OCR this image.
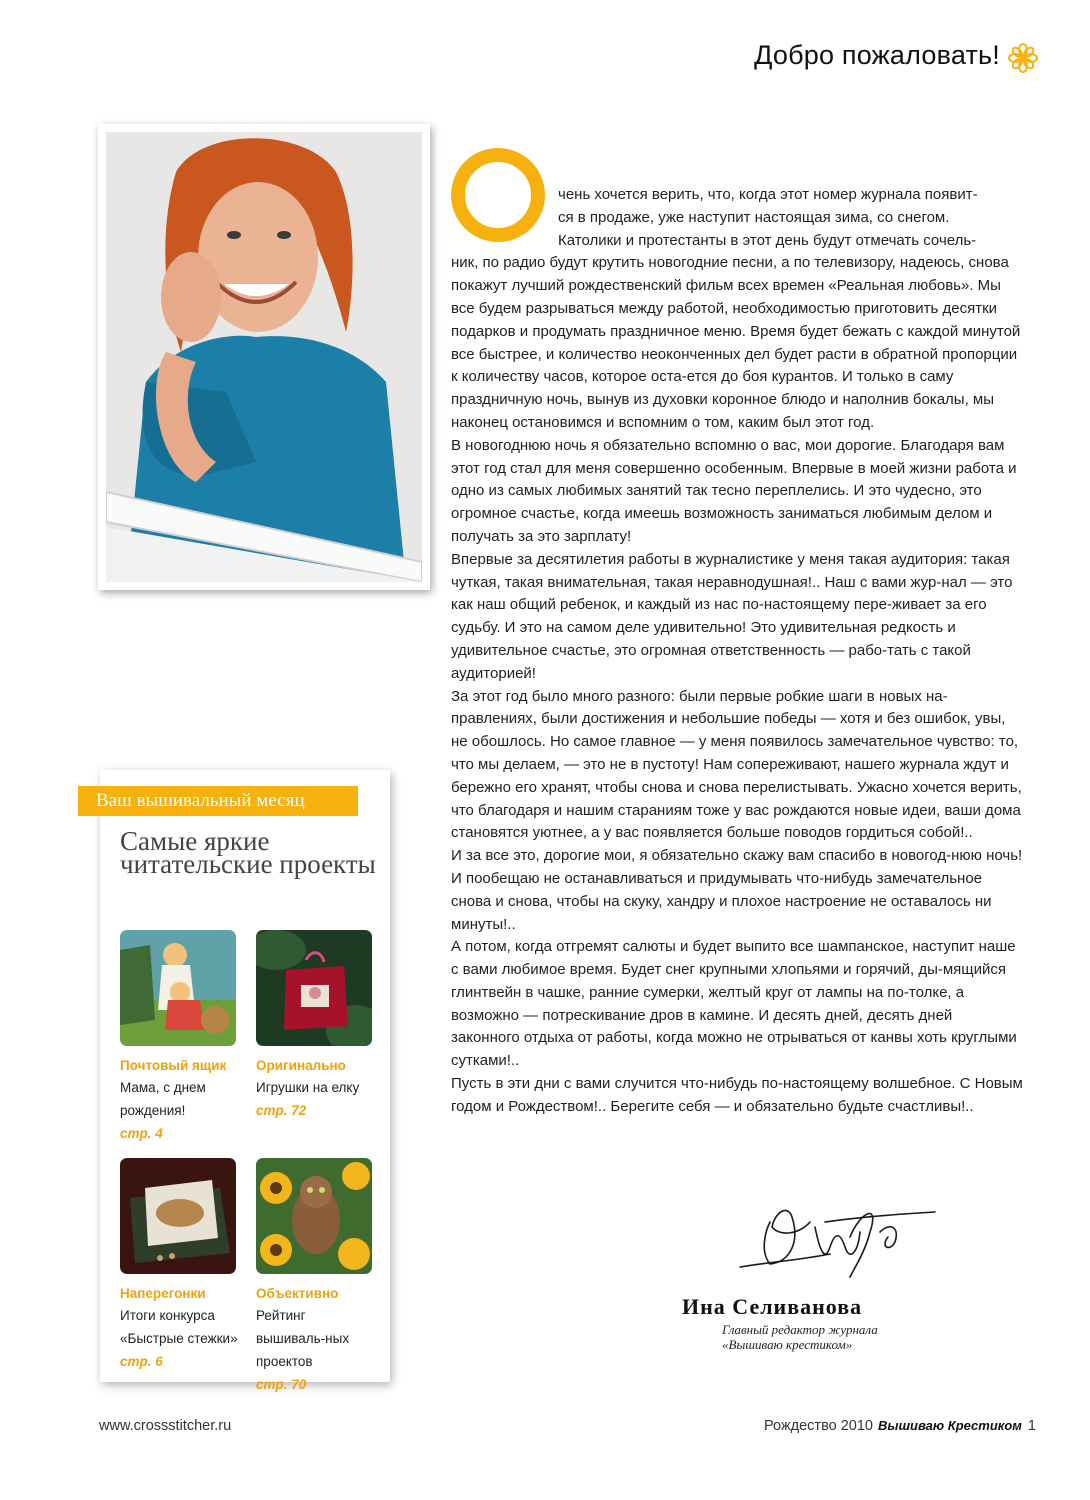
Добро пожаловать!
О	чень хочется верить, что, когда этот номер журнала появит-
ся в продаже, уже наступит настоящая зима, со снегом.
Католики и протестанты в этот день будут отмечать сочель-

ник, по радио будут крутить новогодние песни, а по телевизору, надеюсь, снова покажут лучший рождественский фильм всех времен «Реальная любовь». Мы все будем разрываться между работой, необходимостью приготовить десятки подарков и продумать праздничное меню. Время будет бежать с каждой минутой все быстрее, и количество неоконченных дел будет расти в обратной пропорции к количеству часов, которое оста-ется до боя курантов. И только в саму праздничную ночь, вынув из духовки коронное блюдо и наполнив бокалы, мы наконец остановимся и вспомним о том, каким был этот год.

В новогоднюю ночь я обязательно вспомню о вас, мои дорогие. Благодаря вам этот год стал для меня совершенно особенным. Впервые в моей жизни работа и одно из самых любимых занятий так тесно переплелись. И это чудесно, это огромное счастье, когда имеешь возможность заниматься любимым делом и получать за это зарплату!

Впервые за десятилетия работы в журналистике у меня такая аудитория: такая чуткая, такая внимательная, такая неравнодушная!.. Наш с вами жур-нал — это как наш общий ребенок, и каждый из нас по-настоящему пере-живает за его судьбу. И это на самом деле удивительно! Это удивительная редкость и удивительное счастье, это огромная ответственность — рабо-тать с такой аудиторией!

За этот год было много разного: были первые робкие шаги в новых на-правлениях, были достижения и небольшие победы — хотя и без ошибок, увы, не обошлось. Но самое главное — у меня появилось замечательное чувство: то, что мы делаем, — это не в пустоту! Нам сопереживают, нашего журнала ждут и бережно его хранят, чтобы снова и снова перелистывать. Ужасно хочется верить, что благодаря и нашим стараниям тоже у вас рождаются новые идеи, ваши дома становятся уютнее, а у вас появляется больше поводов гордиться собой!..

И за все это, дорогие мои, я обязательно скажу вам спасибо в новогод-нюю ночь! И пообещаю не останавливаться и придумывать что-нибудь замечательное снова и снова, чтобы на скуку, хандру и плохое настроение не оставалось ни минуты!..

А потом, когда отгремят салюты и будет выпито все шампанское, наступит наше с вами любимое время. Будет снег крупными хлопьями и горячий, ды-мящийся глинтвейн в чашке, ранние сумерки, желтый круг от лампы на по-толке, а возможно — потрескивание дров в камине. И десять дней, десять дней законного отдыха от работы, когда можно не отрываться от канвы хоть круглыми сутками!..

Пусть в эти дни с вами случится что-нибудь по-настоящему волшебное. С Новым годом и Рождеством!.. Берегите себя — и обязательно будьте счастливы!..

Ина Селиванова
Главный редактор журнала
«Вышиваю крестиком»
Ваш вышивальный месяц
Самые яркие читательские проекты
Почтовый ящик
Мама, с днем рождения!
стр. 4
Оригинально
Игрушки на елку
стр. 72
Наперегонки
Итоги конкурса «Быстрые стежки» стр. 6
Объективно
Рейтинг вышиваль-ных проектов
стр. 70
www.crossstitcher.ru	Рождество 2010 Вышиваю Крестиком 1
